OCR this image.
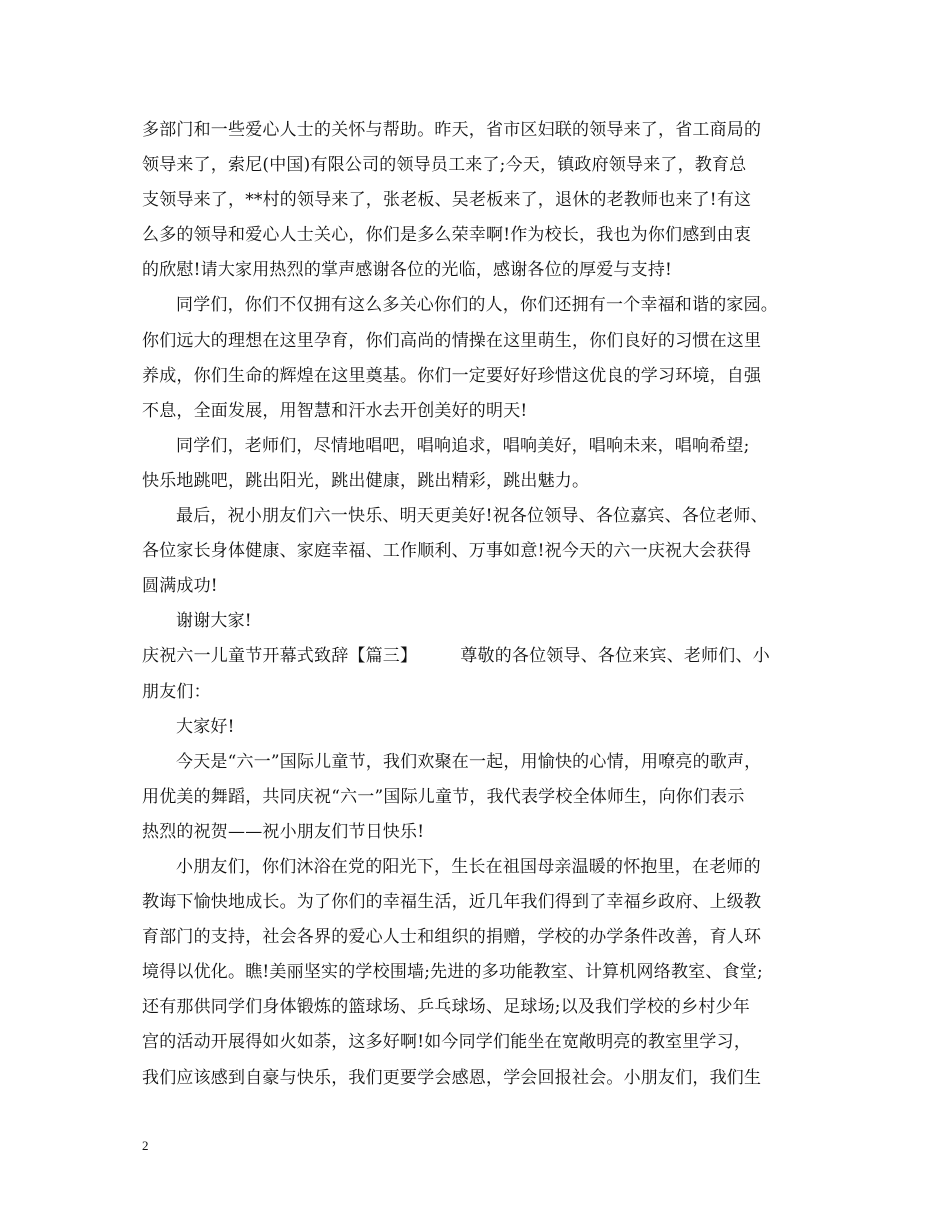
多部门和一些爱心人士的关怀与帮助。昨天，省市区妇联的领导来了，省工商局的
领导来了，索尼(中国)有限公司的领导员工来了;今天，镇政府领导来了，教育总
支领导来了，**村的领导来了，张老板、吴老板来了，退休的老教师也来了!有这
么多的领导和爱心人士关心，你们是多么荣幸啊!作为校长，我也为你们感到由衷
的欣慰!请大家用热烈的掌声感谢各位的光临，感谢各位的厚爱与支持!
同学们，你们不仅拥有这么多关心你们的人，你们还拥有一个幸福和谐的家园。
你们远大的理想在这里孕育，你们高尚的情操在这里萌生，你们良好的习惯在这里
养成，你们生命的辉煌在这里奠基。你们一定要好好珍惜这优良的学习环境，自强
不息，全面发展，用智慧和汗水去开创美好的明天!
同学们，老师们，尽情地唱吧，唱响追求，唱响美好，唱响未来，唱响希望;
快乐地跳吧，跳出阳光，跳出健康，跳出精彩，跳出魅力。
最后，祝小朋友们六一快乐、明天更美好!祝各位领导、各位嘉宾、各位老师、
各位家长身体健康、家庭幸福、工作顺利、万事如意!祝今天的六一庆祝大会获得
圆满成功!
谢谢大家!
庆祝六一儿童节开幕式致辞【篇三】　　　尊敬的各位领导、各位来宾、老师们、小
朋友们：
大家好!
今天是“六一”国际儿童节，我们欢聚在一起，用愉快的心情，用嘹亮的歌声，
用优美的舞蹈，共同庆祝“六一”国际儿童节，我代表学校全体师生，向你们表示
热烈的祝贺——祝小朋友们节日快乐!
小朋友们，你们沐浴在党的阳光下，生长在祖国母亲温暖的怀抱里，在老师的
教诲下愉快地成长。为了你们的幸福生活，近几年我们得到了幸福乡政府、上级教
育部门的支持，社会各界的爱心人士和组织的捐赠，学校的办学条件改善，育人环
境得以优化。瞧!美丽坚实的学校围墙;先进的多功能教室、计算机网络教室、食堂;
还有那供同学们身体锻炼的篮球场、乒乓球场、足球场;以及我们学校的乡村少年
宫的活动开展得如火如荼，这多好啊!如今同学们能坐在宽敞明亮的教室里学习，
我们应该感到自豪与快乐，我们更要学会感恩，学会回报社会。小朋友们，我们生
2
